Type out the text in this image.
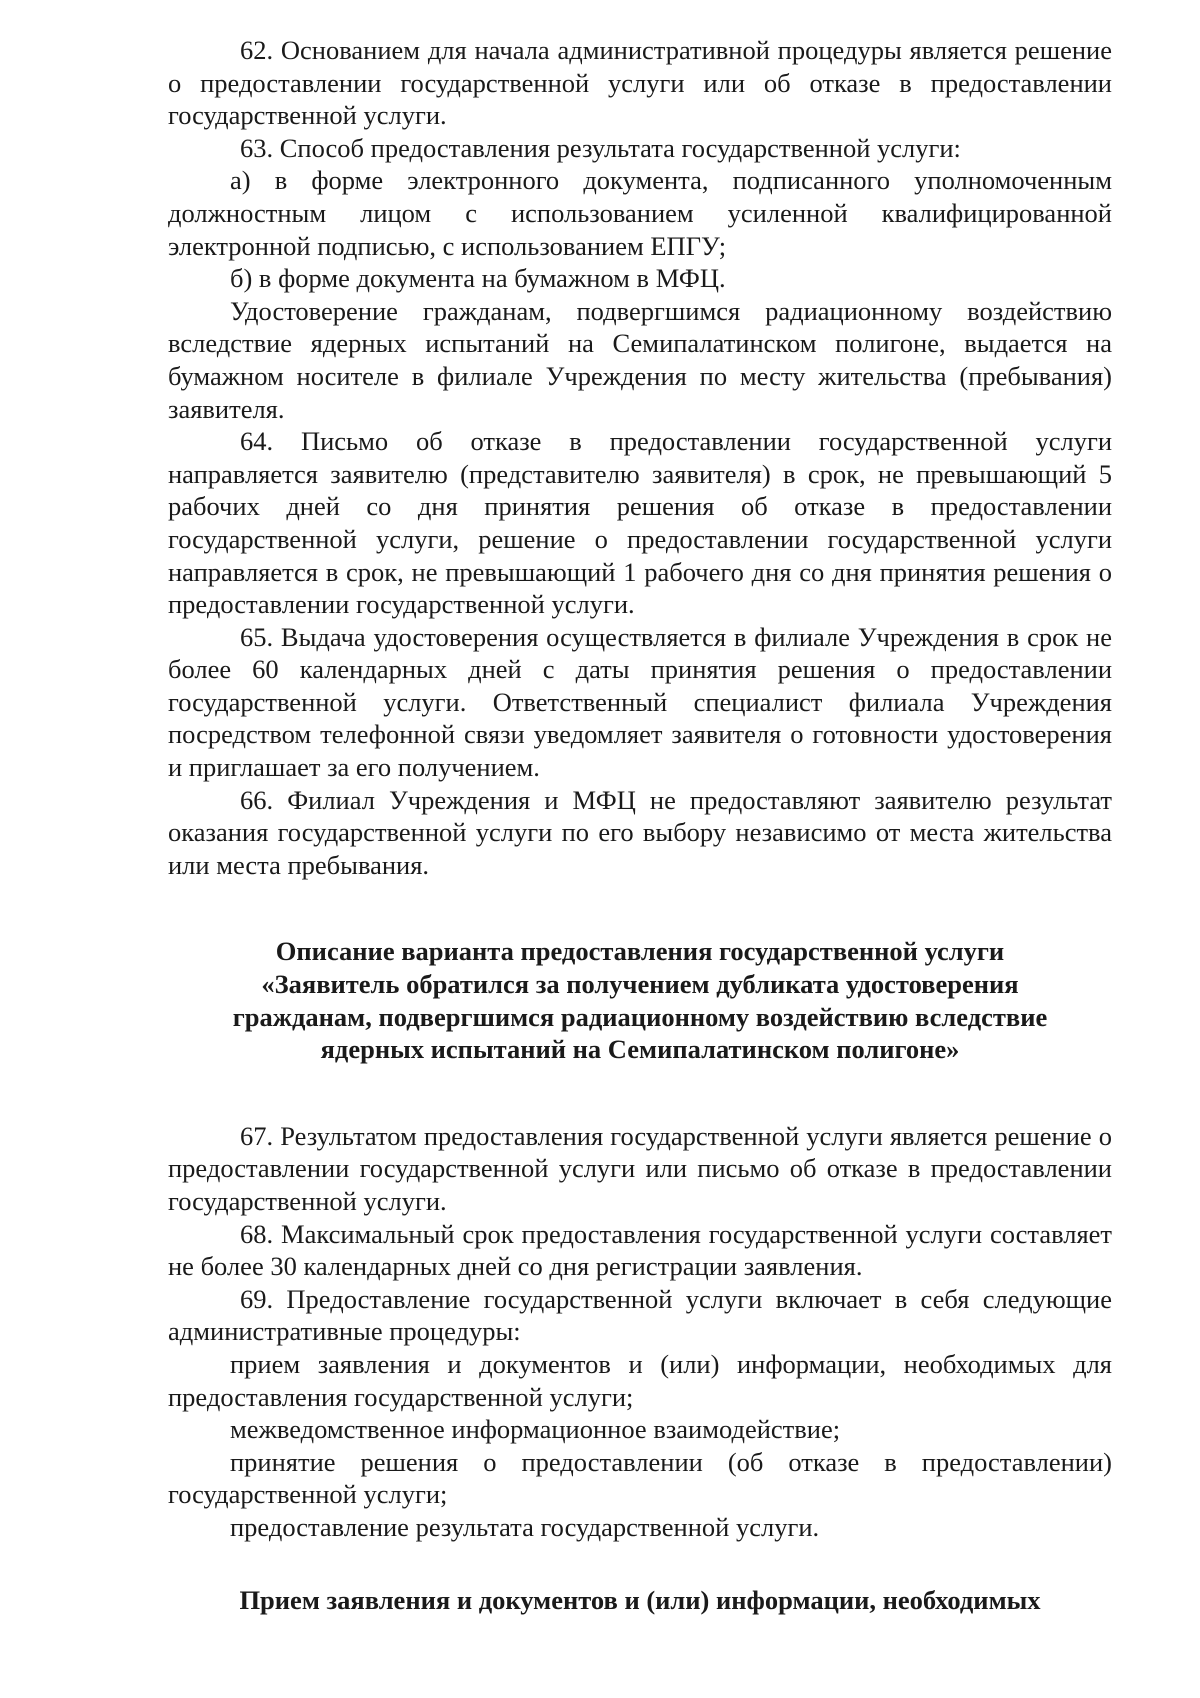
62. Основанием для начала административной процедуры является решение о предоставлении государственной услуги или об отказе в предоставлении государственной услуги.

63. Способ предоставления результата государственной услуги:

а) в форме электронного документа, подписанного уполномоченным должностным лицом с использованием усиленной квалифицированной электронной подписью, с использованием ЕПГУ;

б) в форме документа на бумажном в МФЦ.

Удостоверение гражданам, подвергшимся радиационному воздействию вследствие ядерных испытаний на Семипалатинском полигоне, выдается на бумажном носителе в филиале Учреждения по месту жительства (пребывания) заявителя.

64. Письмо об отказе в предоставлении государственной услуги направляется заявителю (представителю заявителя) в срок, не превышающий 5 рабочих дней со дня принятия решения об отказе в предоставлении государственной услуги, решение о предоставлении государственной услуги направляется в срок, не превышающий 1 рабочего дня со дня принятия решения о предоставлении государственной услуги.

65. Выдача удостоверения осуществляется в филиале Учреждения в срок не более 60 календарных дней с даты принятия решения о предоставлении государственной услуги. Ответственный специалист филиала Учреждения посредством телефонной связи уведомляет заявителя о готовности удостоверения и приглашает за его получением.

66. Филиал Учреждения и МФЦ не предоставляют заявителю результат оказания государственной услуги по его выбору независимо от места жительства или места пребывания.

Описание варианта предоставления государственной услуги
«Заявитель обратился за получением дубликата удостоверения
гражданам, подвергшимся радиационному воздействию вследствие
ядерных испытаний на Семипалатинском полигоне»

67. Результатом предоставления государственной услуги является решение о предоставлении государственной услуги или письмо об отказе в предоставлении государственной услуги.

68. Максимальный срок предоставления государственной услуги составляет не более 30 календарных дней со дня регистрации заявления.

69. Предоставление государственной услуги включает в себя следующие административные процедуры:

прием заявления и документов и (или) информации, необходимых для предоставления государственной услуги;

межведомственное информационное взаимодействие;

принятие решения о предоставлении (об отказе в предоставлении) государственной услуги;

предоставление результата государственной услуги.

Прием заявления и документов и (или) информации, необходимых
